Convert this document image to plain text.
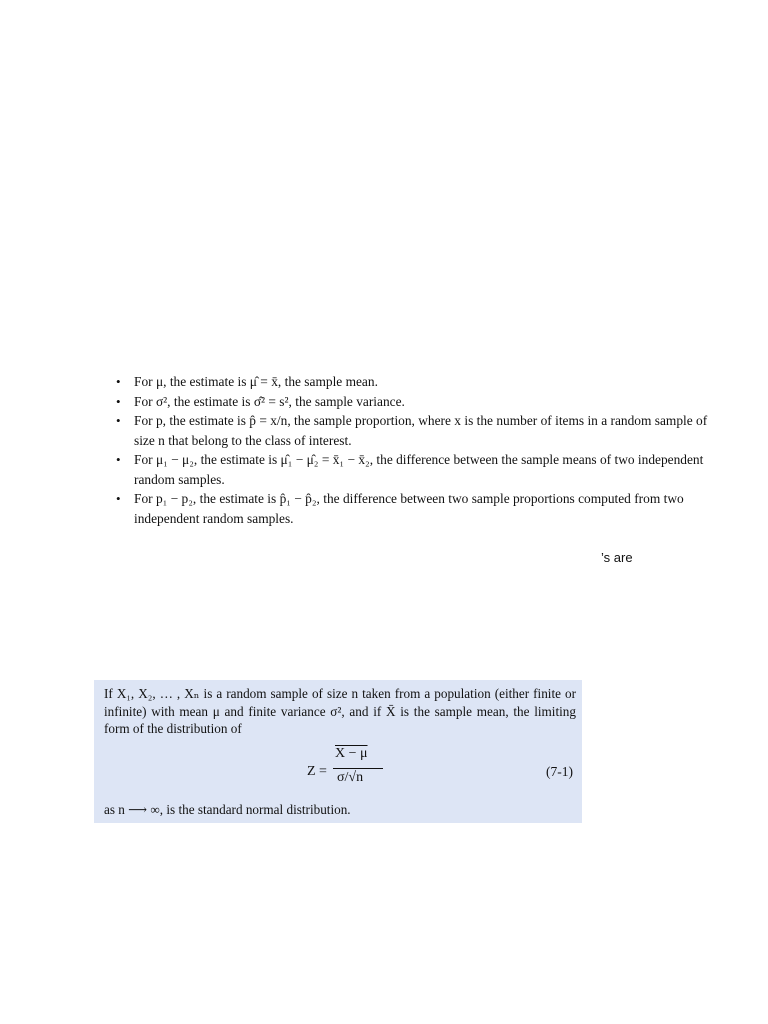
• For μ, the estimate is μ̂ = x̄, the sample mean.
• For σ², the estimate is σ̂² = s², the sample variance.
• For p, the estimate is p̂ = x/n, the sample proportion, where x is the number of items in a random sample of size n that belong to the class of interest.
• For μ₁ − μ₂, the estimate is μ̂₁ − μ̂₂ = x̄₁ − x̄₂, the difference between the sample means of two independent random samples.
• For p₁ − p₂, the estimate is p̂₁ − p̂₂, the difference between two sample proportions computed from two independent random samples.
’s are

If X₁, X₂, … , Xₙ is a random sample of size n taken from a population (either finite or infinite) with mean μ and finite variance σ², and if X̄ is the sample mean, the limiting form of the distribution of

Z =
X − μ
σ/√n	(7-1)

as n ⟶ ∞, is the standard normal distribution.
